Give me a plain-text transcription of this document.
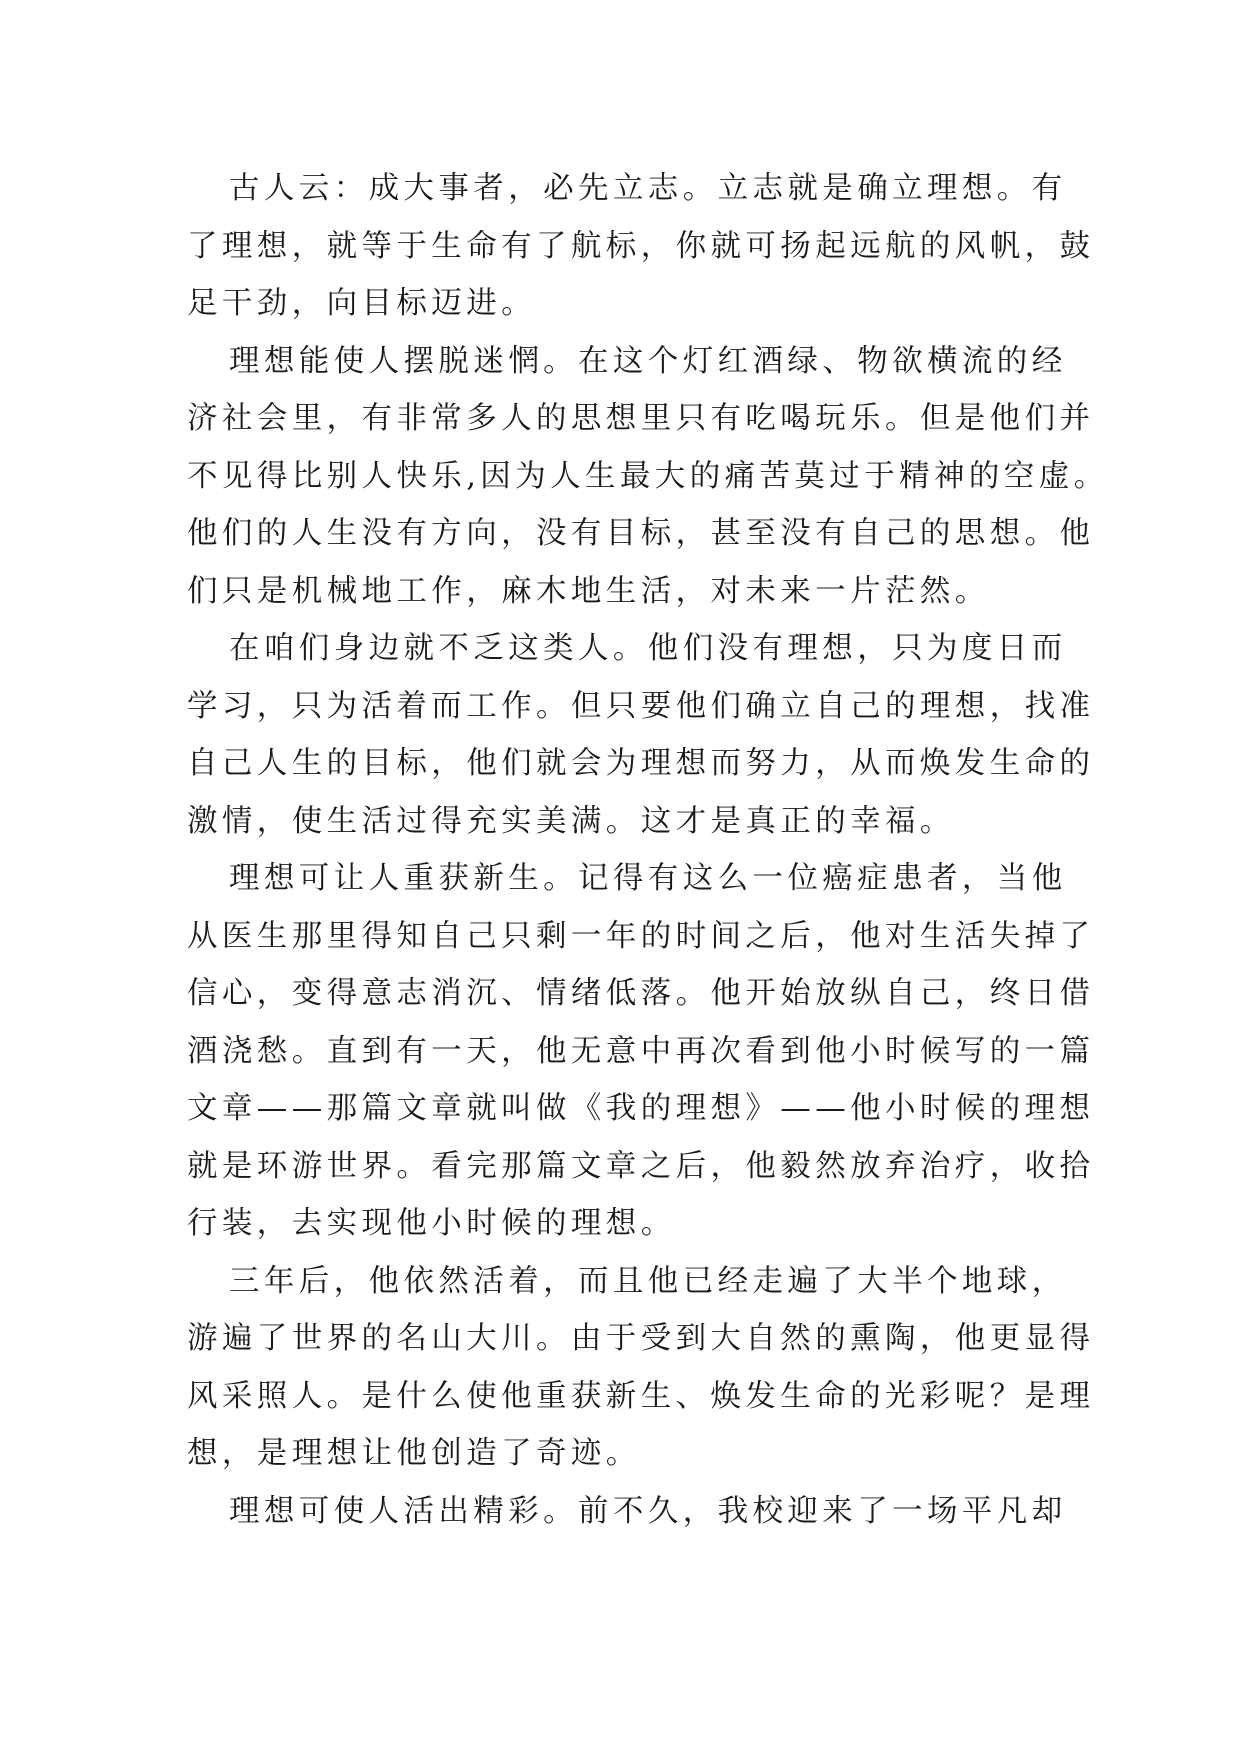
古人云：成大事者，必先立志。立志就是确立理想。有
了理想，就等于生命有了航标，你就可扬起远航的风帆，鼓
足干劲，向目标迈进。
理想能使人摆脱迷惘。在这个灯红酒绿、物欲横流的经
济社会里，有非常多人的思想里只有吃喝玩乐。但是他们并
不见得比别人快乐,因为人生最大的痛苦莫过于精神的空虚。
他们的人生没有方向，没有目标，甚至没有自己的思想。他
们只是机械地工作，麻木地生活，对未来一片茫然。
在咱们身边就不乏这类人。他们没有理想，只为度日而
学习，只为活着而工作。但只要他们确立自己的理想，找准
自己人生的目标，他们就会为理想而努力，从而焕发生命的
激情，使生活过得充实美满。这才是真正的幸福。
理想可让人重获新生。记得有这么一位癌症患者，当他
从医生那里得知自己只剩一年的时间之后，他对生活失掉了
信心，变得意志消沉、情绪低落。他开始放纵自己，终日借
酒浇愁。直到有一天，他无意中再次看到他小时候写的一篇
文章——那篇文章就叫做《我的理想》——他小时候的理想
就是环游世界。看完那篇文章之后，他毅然放弃治疗，收拾
行装，去实现他小时候的理想。
三年后，他依然活着，而且他已经走遍了大半个地球，
游遍了世界的名山大川。由于受到大自然的熏陶，他更显得
风采照人。是什么使他重获新生、焕发生命的光彩呢？是理
想，是理想让他创造了奇迹。
理想可使人活出精彩。前不久，我校迎来了一场平凡却
